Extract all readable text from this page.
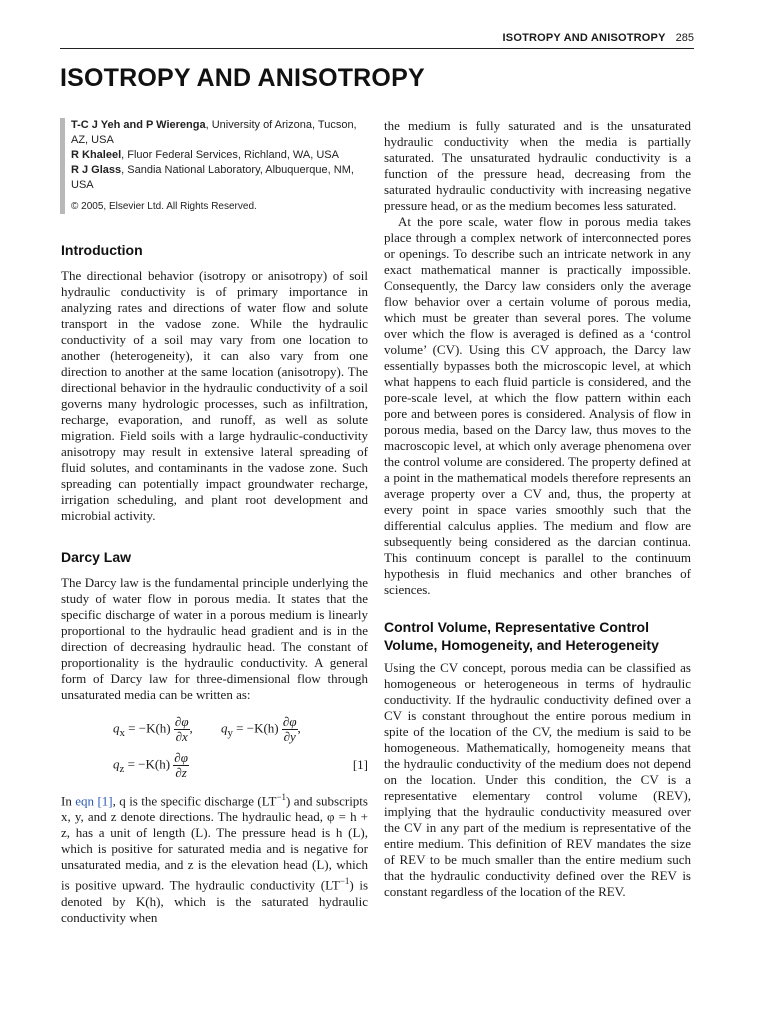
ISOTROPY AND ANISOTROPY 285
ISOTROPY AND ANISOTROPY

T-C J Yeh and P Wierenga, University of Arizona, Tucson, AZ, USA

R Khaleel, Fluor Federal Services, Richland, WA, USA

R J Glass, Sandia National Laboratory, Albuquerque, NM, USA

© 2005, Elsevier Ltd. All Rights Reserved.

Introduction

The directional behavior (isotropy or anisotropy) of soil hydraulic conductivity is of primary importance in analyzing rates and directions of water flow and solute transport in the vadose zone. While the hydraulic conductivity of a soil may vary from one location to another (heterogeneity), it can also vary from one direction to another at the same location (anisotropy). The directional behavior in the hydraulic conductivity of a soil governs many hydrologic processes, such as infiltration, recharge, evaporation, and runoff, as well as solute migration. Field soils with a large hydraulic-conductivity anisotropy may result in extensive lateral spreading of fluid solutes, and contaminants in the vadose zone. Such spreading can potentially impact groundwater recharge, irrigation scheduling, and plant root development and microbial activity.

Darcy Law

The Darcy law is the fundamental principle underlying the study of water flow in porous media. It states that the specific discharge of water in a porous medium is linearly proportional to the hydraulic head gradient and is in the direction of decreasing hydraulic head. The constant of proportionality is the hydraulic conductivity. A general form of Darcy law for three-dimensional flow through unsaturated media can be written as:

$q_x = -K(h) \frac{\partial\varphi}{\partial x}$ , $q_y = -K(h) \frac{\partial\varphi}{\partial y}$ ,
$q_z = -K(h) \frac{\partial\varphi}{\partial z}$	[1]

In eqn [1], q is the specific discharge $(LT^{-1})$ and subscripts x, y, and z denote directions. The hydraulic head, φ = h + z, has a unit of length (L). The pressure head is h (L), which is positive for saturated media and is negative for unsaturated media, and z is the elevation head (L), which is positive upward. The hydraulic conductivity $(LT^{-1})$ is denoted by K(h), which is the saturated hydraulic conductivity when

the medium is fully saturated and is the unsaturated hydraulic conductivity when the media is partially saturated. The unsaturated hydraulic conductivity is a function of the pressure head, decreasing from the saturated hydraulic conductivity with increasing negative pressure head, or as the medium becomes less saturated.

At the pore scale, water flow in porous media takes place through a complex network of interconnected pores or openings. To describe such an intricate network in any exact mathematical manner is practically impossible. Consequently, the Darcy law considers only the average flow behavior over a certain volume of porous media, which must be greater than several pores. The volume over which the flow is averaged is defined as a ‘control volume’ (CV). Using this CV approach, the Darcy law essentially bypasses both the microscopic level, at which what happens to each fluid particle is considered, and the pore-scale level, at which the flow pattern within each pore and between pores is considered. Analysis of flow in porous media, based on the Darcy law, thus moves to the macroscopic level, at which only average phenomena over the control volume are considered. The property defined at a point in the mathematical models therefore represents an average property over a CV and, thus, the property at every point in space varies smoothly such that the differential calculus applies. The medium and flow are subsequently being considered as the darcian continua. This continuum concept is parallel to the continuum hypothesis in fluid mechanics and other branches of sciences.

Control Volume, Representative Control Volume, Homogeneity, and Heterogeneity

Using the CV concept, porous media can be classified as homogeneous or heterogeneous in terms of hydraulic conductivity. If the hydraulic conductivity defined over a CV is constant throughout the entire porous medium in spite of the location of the CV, the medium is said to be homogeneous. Mathematically, homogeneity means that the hydraulic conductivity of the medium does not depend on the location. Under this condition, the CV is a representative elementary control volume (REV), implying that the hydraulic conductivity measured over the CV in any part of the medium is representative of the entire medium. This definition of REV mandates the size of REV to be much smaller than the entire medium such that the hydraulic conductivity defined over the REV is constant regardless of the location of the REV.
